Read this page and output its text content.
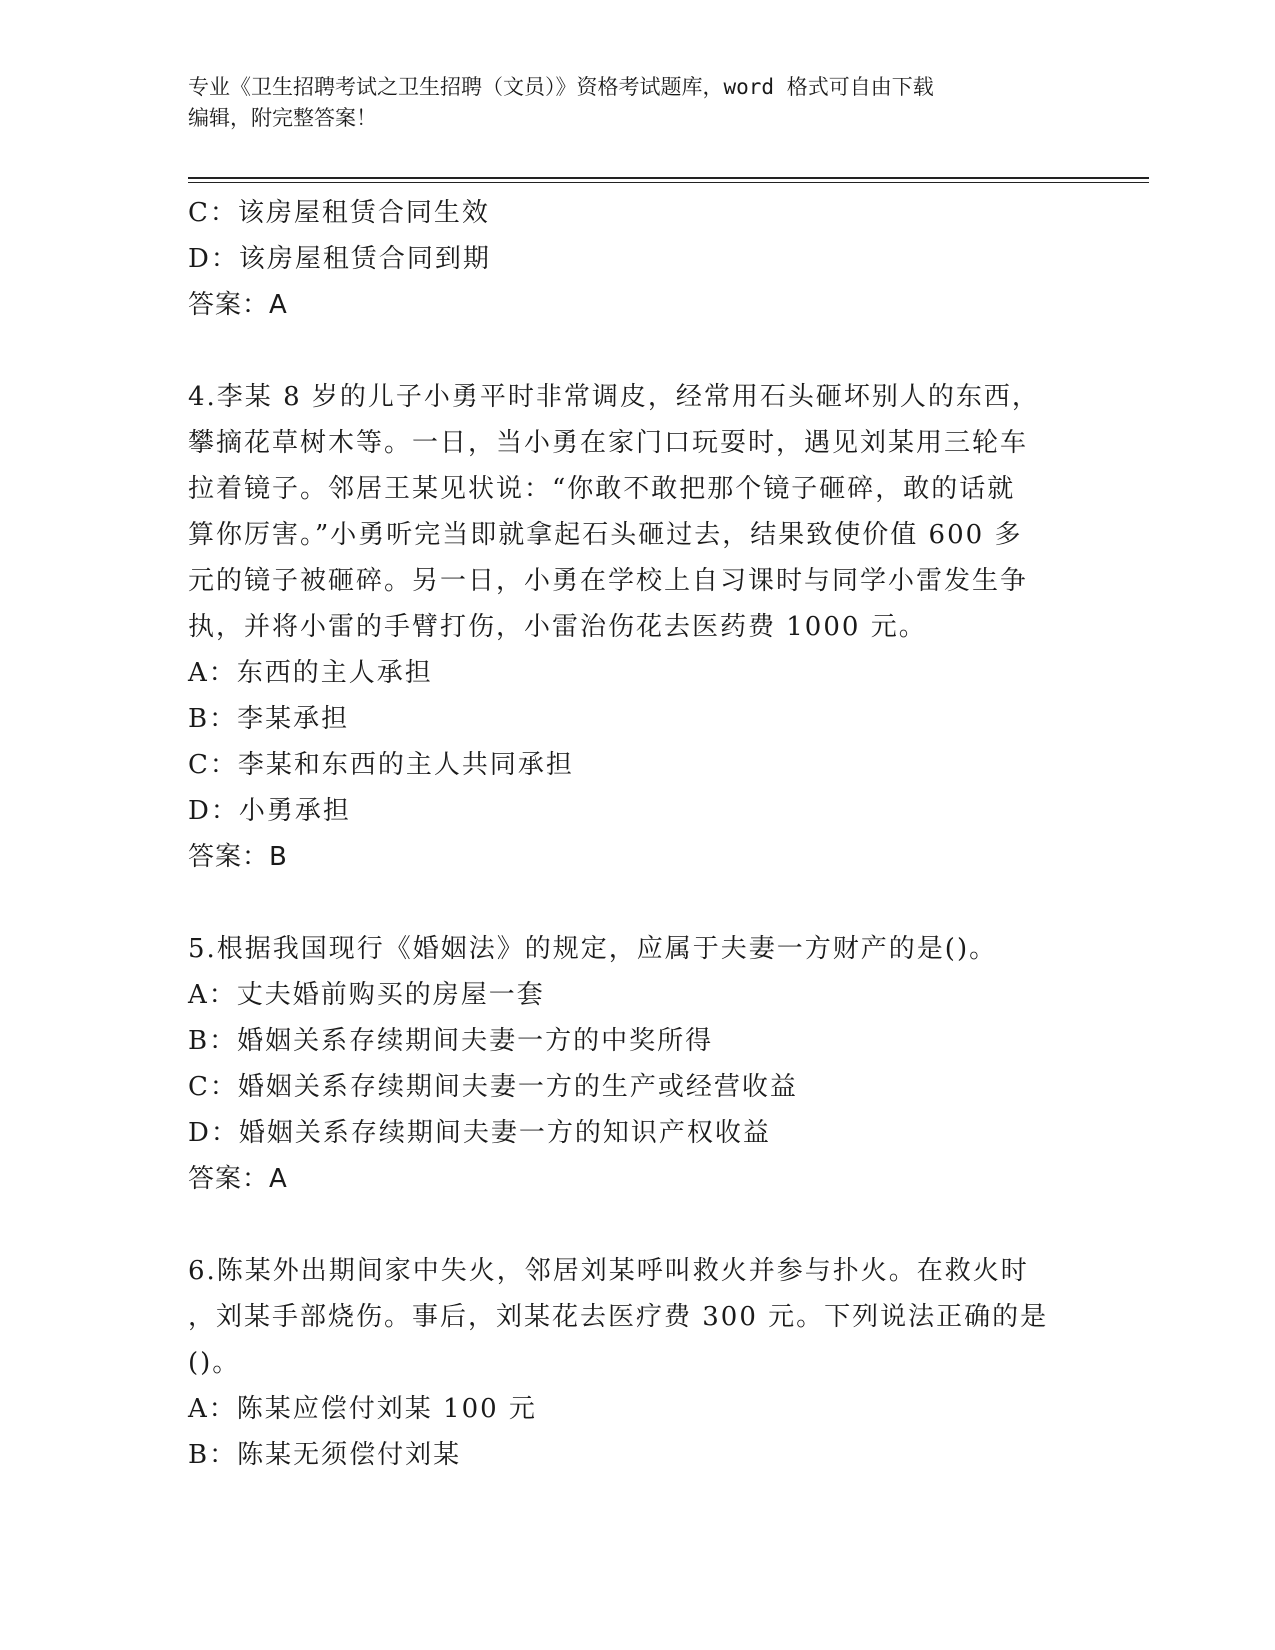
专业《卫生招聘考试之卫生招聘（文员）》资格考试题库，word 格式可自由下载
编辑，附完整答案！
C：该房屋租赁合同生效
D：该房屋租赁合同到期
答案：A
4.李某 8 岁的儿子小勇平时非常调皮，经常用石头砸坏别人的东西，
攀摘花草树木等。一日，当小勇在家门口玩耍时，遇见刘某用三轮车
拉着镜子。邻居王某见状说：“你敢不敢把那个镜子砸碎，敢的话就
算你厉害。”小勇听完当即就拿起石头砸过去，结果致使价值 600 多
元的镜子被砸碎。另一日，小勇在学校上自习课时与同学小雷发生争
执，并将小雷的手臂打伤，小雷治伤花去医药费 1000 元。
A：东西的主人承担
B：李某承担
C：李某和东西的主人共同承担
D：小勇承担
答案：B
5.根据我国现行《婚姻法》的规定，应属于夫妻一方财产的是()。
A：丈夫婚前购买的房屋一套
B：婚姻关系存续期间夫妻一方的中奖所得
C：婚姻关系存续期间夫妻一方的生产或经营收益
D：婚姻关系存续期间夫妻一方的知识产权收益
答案：A
6.陈某外出期间家中失火，邻居刘某呼叫救火并参与扑火。在救火时
，刘某手部烧伤。事后，刘某花去医疗费 300 元。下列说法正确的是
()。
A：陈某应偿付刘某 100 元
B：陈某无须偿付刘某
